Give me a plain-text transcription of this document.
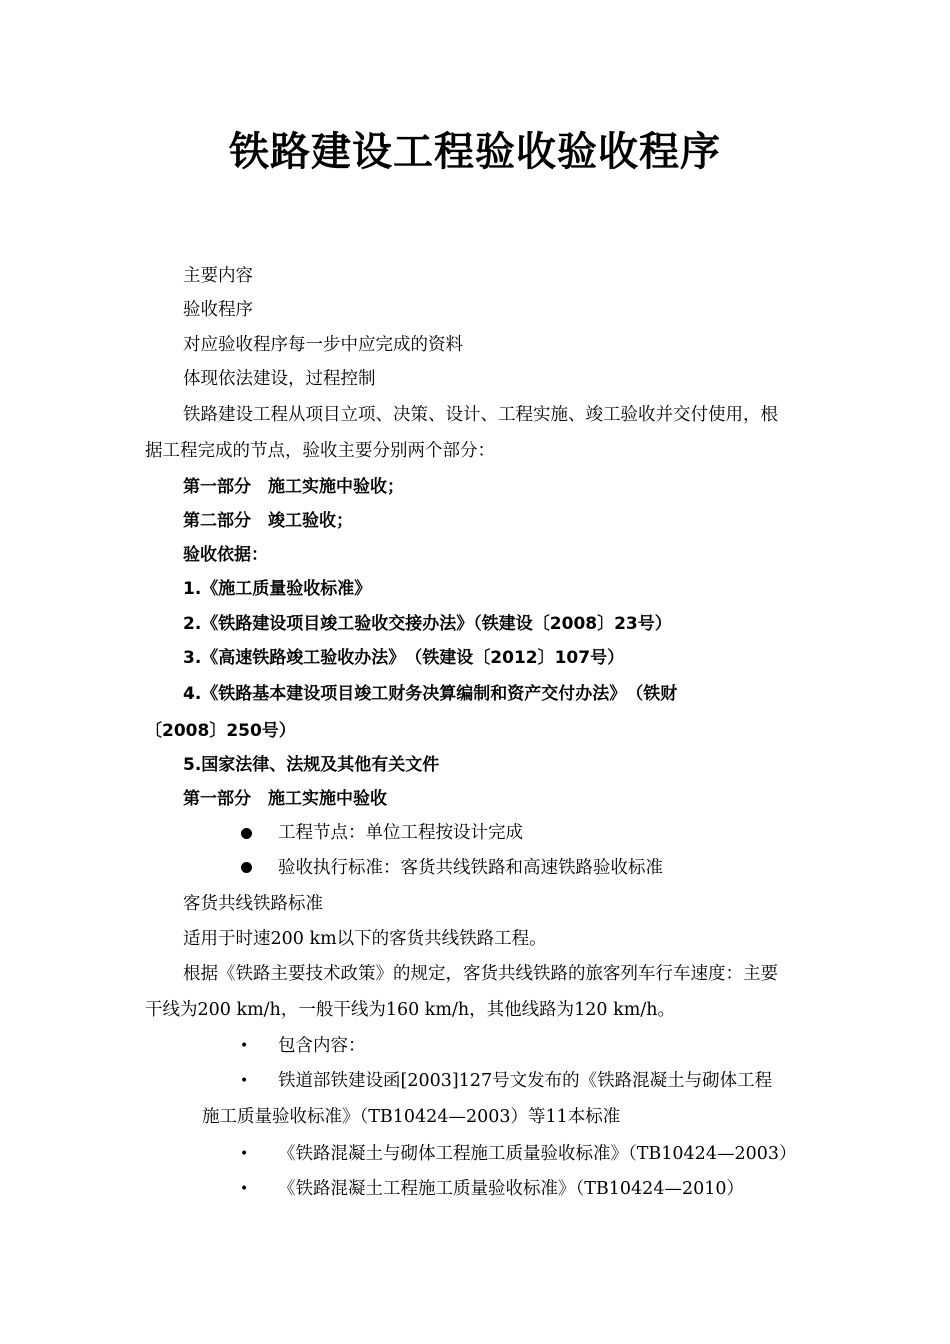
铁路建设工程验收验收程序
主要内容
验收程序
对应验收程序每一步中应完成的资料
体现依法建设，过程控制
铁路建设工程从项目立项、决策、设计、工程实施、竣工验收并交付使用，根
据工程完成的节点，验收主要分别两个部分：
第一部分　施工实施中验收；
第二部分　竣工验收；
验收依据：
1.《施工质量验收标准》
2.《铁路建设项目竣工验收交接办法》（铁建设〔2008〕23号）
3.《高速铁路竣工验收办法》　（铁建设〔2012〕107号）
4.《铁路基本建设项目竣工财务决算编制和资产交付办法》　（铁财
〔2008〕250号）
5.国家法律、法规及其他有关文件
第一部分　施工实施中验收
工程节点：单位工程按设计完成
验收执行标准：客货共线铁路和高速铁路验收标准
客货共线铁路标准
适用于时速200 km以下的客货共线铁路工程。
根据《铁路主要技术政策》的规定，客货共线铁路的旅客列车行车速度：主要
干线为200 km/h，一般干线为160 km/h，其他线路为120 km/h。
• 包含内容：
• 铁道部铁建设函[2003]127号文发布的《铁路混凝土与砌体工程
施工质量验收标准》（TB10424—2003）等11本标准
• 《铁路混凝土与砌体工程施工质量验收标准》（TB10424—2003）
• 《铁路混凝土工程施工质量验收标准》（TB10424—2010）
